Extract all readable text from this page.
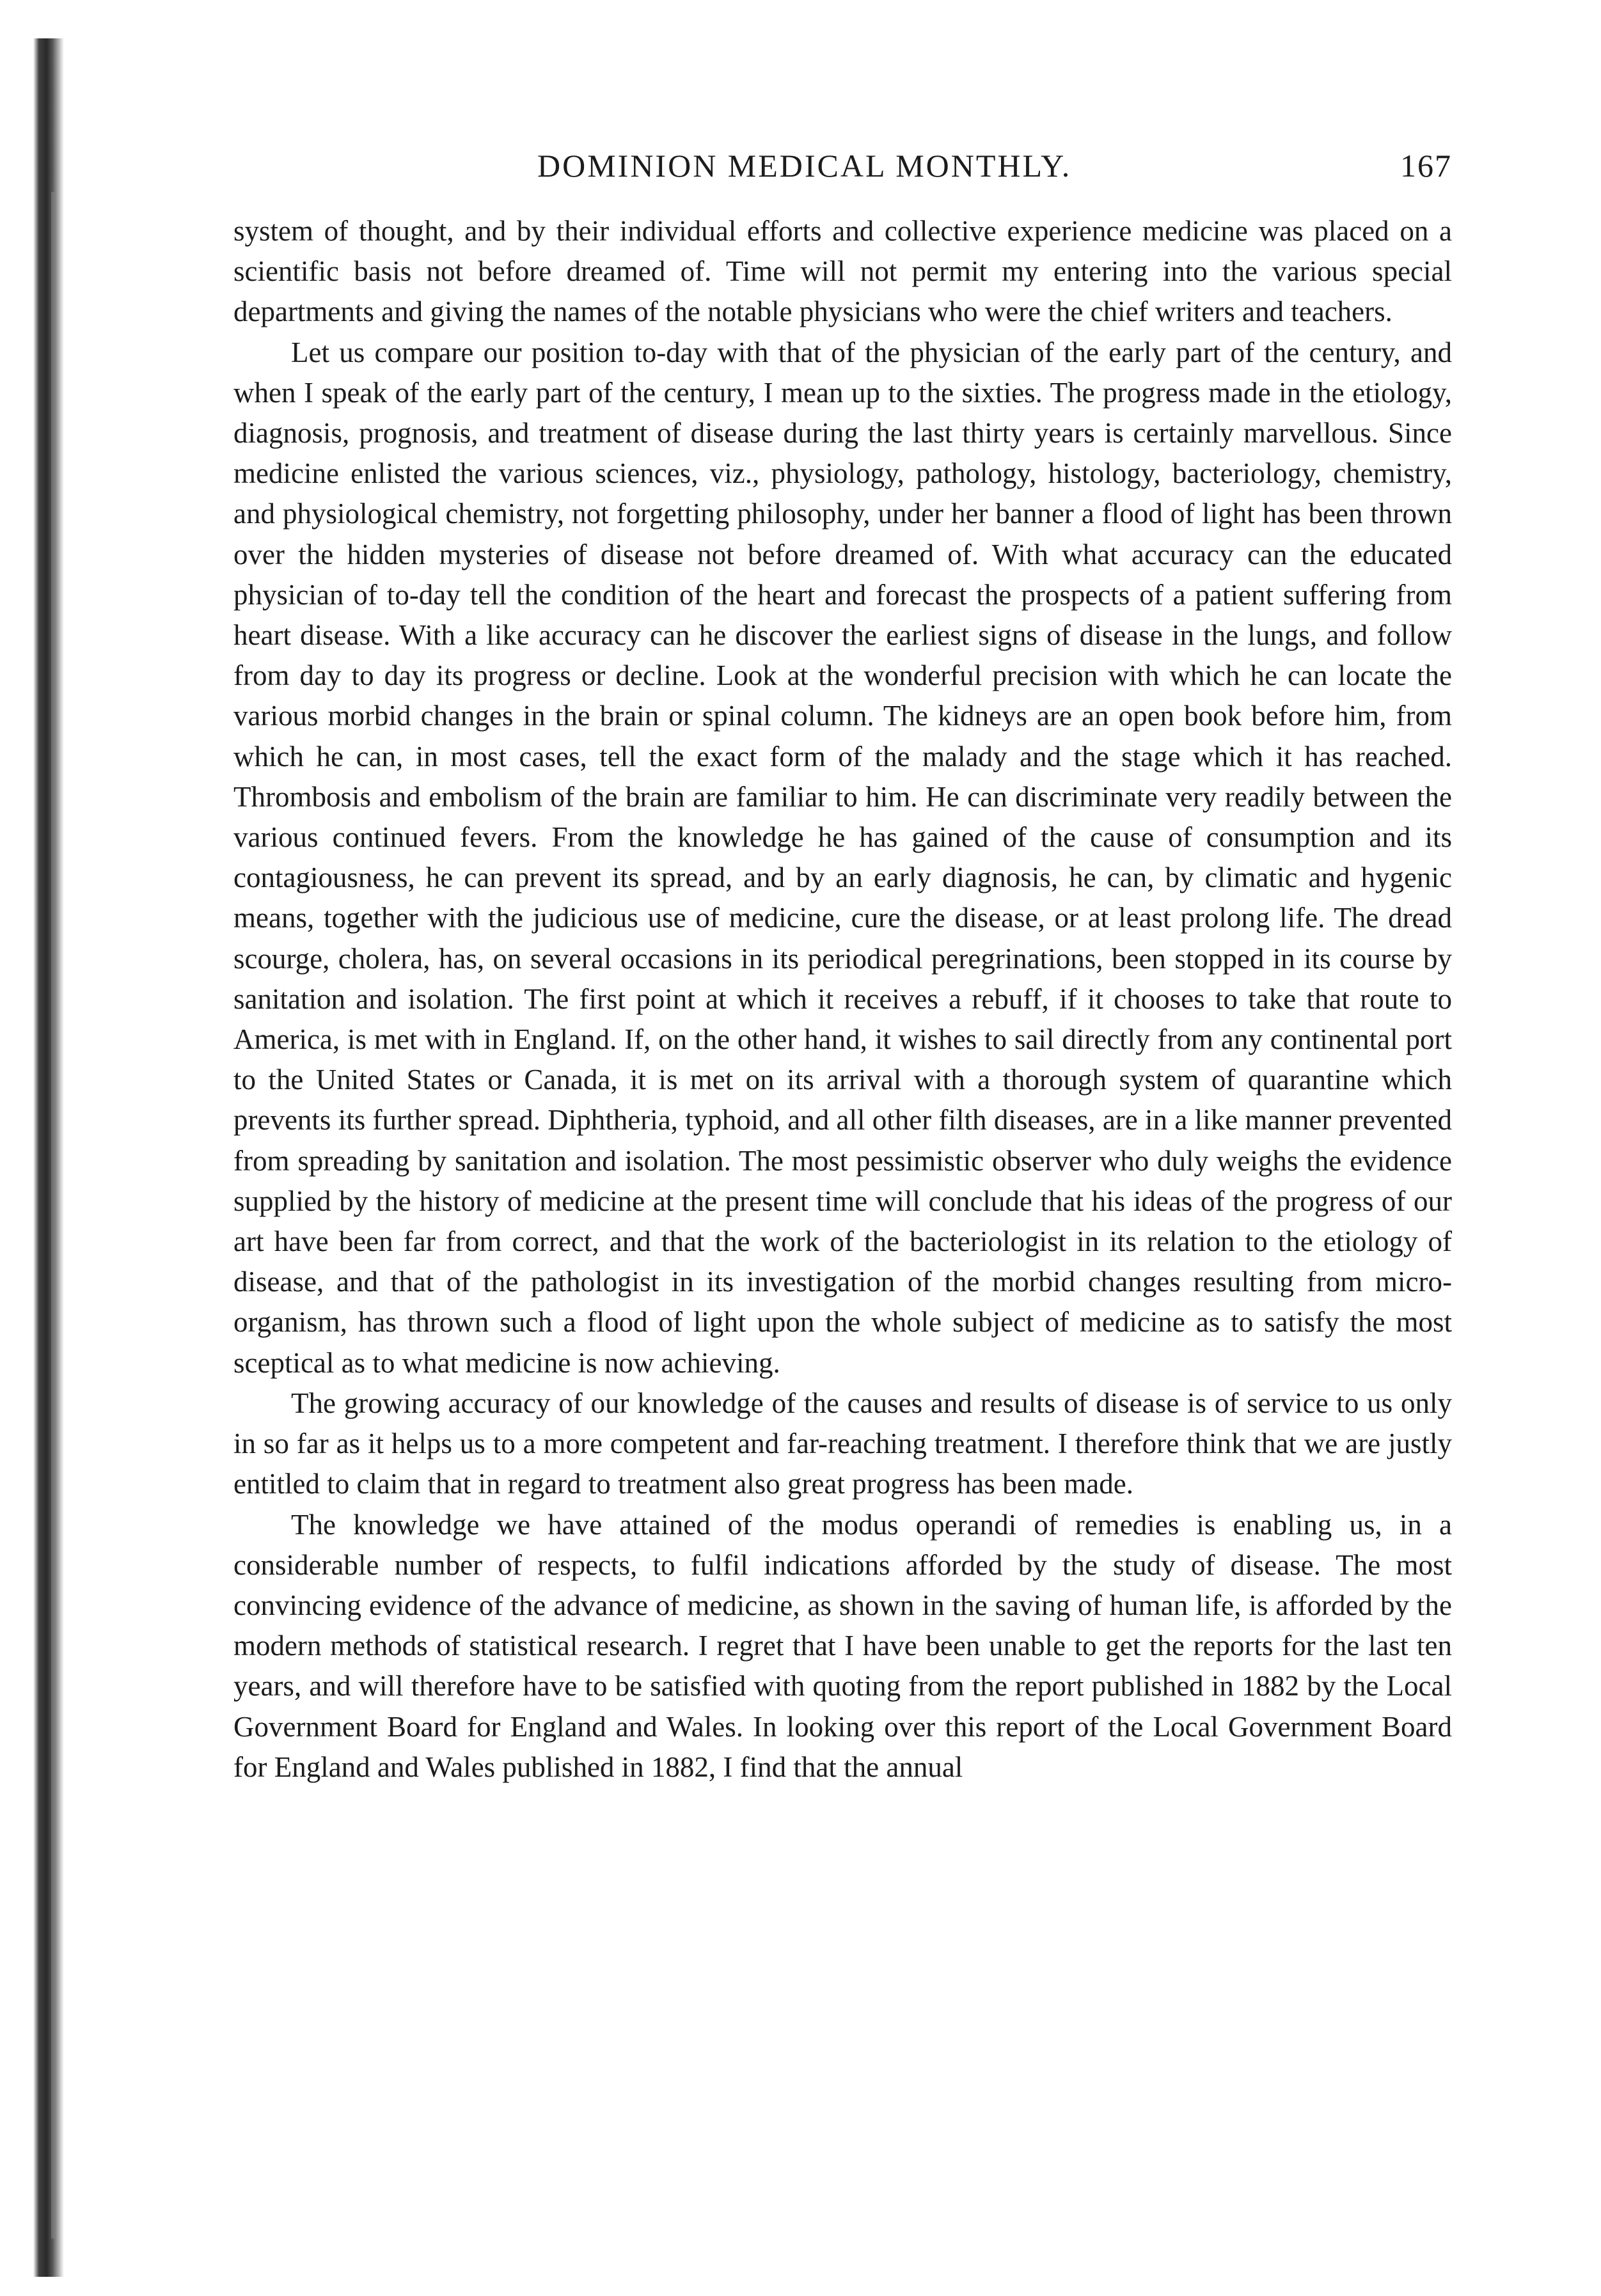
DOMINION MEDICAL MONTHLY.	167

system of thought, and by their individual efforts and collective experience medicine was placed on a scientific basis not before dreamed of. Time will not permit my entering into the various special departments and giving the names of the notable physicians who were the chief writers and teachers.

Let us compare our position to-day with that of the physician of the early part of the century, and when I speak of the early part of the century, I mean up to the sixties. The progress made in the etiology, diagnosis, prognosis, and treatment of disease during the last thirty years is certainly marvellous. Since medicine enlisted the various sciences, viz., physiology, pathology, histology, bacteriology, chemistry, and physiological chemistry, not forgetting philosophy, under her banner a flood of light has been thrown over the hidden mysteries of disease not before dreamed of. With what accuracy can the educated physician of to-day tell the condition of the heart and forecast the prospects of a patient suffering from heart disease. With a like accuracy can he discover the earliest signs of disease in the lungs, and follow from day to day its progress or decline. Look at the wonderful precision with which he can locate the various morbid changes in the brain or spinal column. The kidneys are an open book before him, from which he can, in most cases, tell the exact form of the malady and the stage which it has reached. Thrombosis and embolism of the brain are familiar to him. He can discriminate very readily between the various continued fevers. From the knowledge he has gained of the cause of consumption and its contagiousness, he can prevent its spread, and by an early diagnosis, he can, by climatic and hygenic means, together with the judicious use of medicine, cure the disease, or at least prolong life. The dread scourge, cholera, has, on several occasions in its periodical peregrinations, been stopped in its course by sanitation and isolation. The first point at which it receives a rebuff, if it chooses to take that route to America, is met with in England. If, on the other hand, it wishes to sail directly from any continental port to the United States or Canada, it is met on its arrival with a thorough system of quarantine which prevents its further spread. Diphtheria, typhoid, and all other filth diseases, are in a like manner prevented from spreading by sanitation and isolation. The most pessimistic observer who duly weighs the evidence supplied by the history of medicine at the present time will conclude that his ideas of the progress of our art have been far from correct, and that the work of the bacteriologist in its relation to the etiology of disease, and that of the pathologist in its investigation of the morbid changes resulting from micro-organism, has thrown such a flood of light upon the whole subject of medicine as to satisfy the most sceptical as to what medicine is now achieving.

The growing accuracy of our knowledge of the causes and results of disease is of service to us only in so far as it helps us to a more competent and far-reaching treatment. I therefore think that we are justly entitled to claim that in regard to treatment also great progress has been made.

The knowledge we have attained of the modus operandi of remedies is enabling us, in a considerable number of respects, to fulfil indications afforded by the study of disease. The most convincing evidence of the advance of medicine, as shown in the saving of human life, is afforded by the modern methods of statistical research. I regret that I have been unable to get the reports for the last ten years, and will therefore have to be satisfied with quoting from the report published in 1882 by the Local Government Board for England and Wales. In looking over this report of the Local Government Board for England and Wales published in 1882, I find that the annual
